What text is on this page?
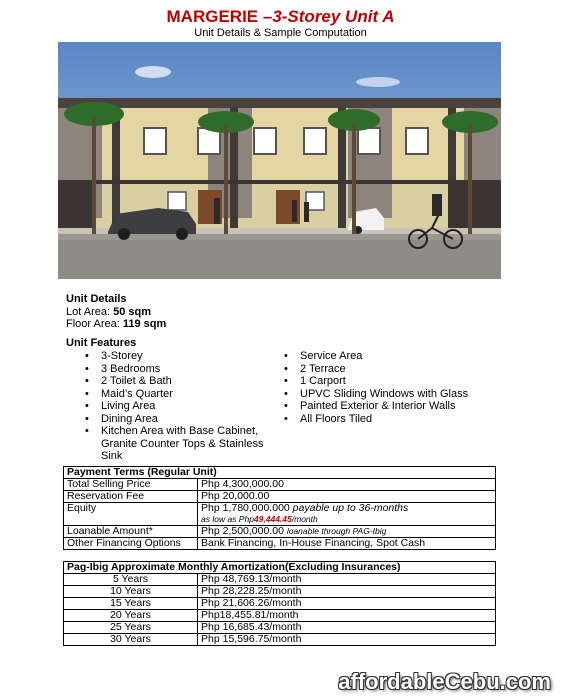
MARGERIE –3-Storey Unit A
Unit Details & Sample Computation
Unit Details
Lot Area: 50 sqm
Floor Area: 119 sqm
Unit Features
• 3-Storey
• 3 Bedrooms
• 2 Toilet & Bath
• Maid’s Quarter
• Living Area
• Dining Area
• Kitchen Area with Base Cabinet, Granite Counter Tops & Stainless Sink
• Service Area
• 2 Terrace
• 1 Carport
• UPVC Sliding Windows with Glass
• Painted Exterior & Interior Walls
• All Floors Tiled
Payment Terms (Regular Unit)	
Total Selling Price	Php 4,300,000.00
Reservation Fee	Php 20,000.00
Equity	Php 1,780,000.000 payable up to 36-months
as low as Php49,444.45/month
Loanable Amount*	Php 2,500,000.00 loanable through PAG-Ibig
Other Financing Options	Bank Financing, In-House Financing, Spot Cash
Pag-Ibig Approximate Monthly Amortization(Excluding Insurances)	
5 Years	Php 48,769.13/month
10 Years	Php 28,228.25/month
15 Years	Php 21,606.26/month
20 Years	Php18,455.81/month
25 Years	Php 16,685.43/month
30 Years	Php 15,596.75/month
affordableCebu.com
